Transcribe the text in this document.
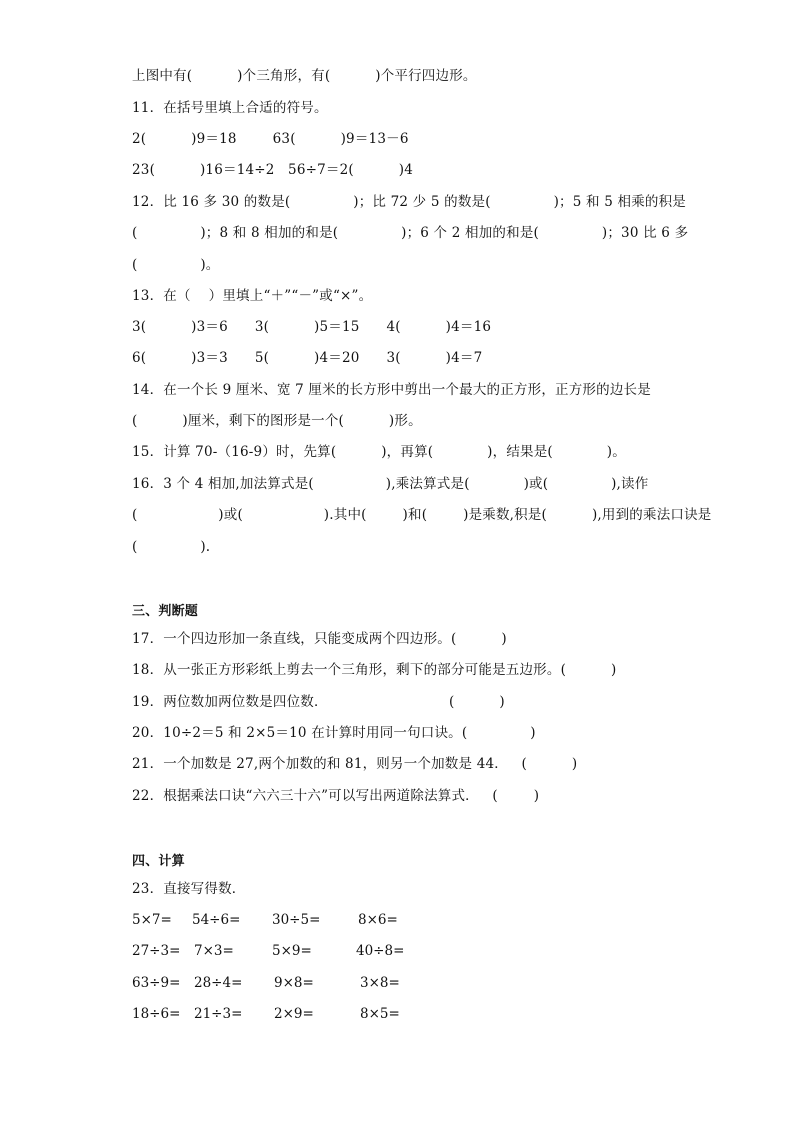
上图中有(          )个三角形，有(          )个平行四边形。
11．在括号里填上合适的符号。
2(          )9＝18        63(          )9＝13－6
23(          )16＝14÷2   56÷7＝2(          )4
12．比 16 多 30 的数是(              )；比 72 少 5 的数是(              )；5 和 5 相乘的积是
(              )；8 和 8 相加的和是(              )；6 个 2 相加的和是(              )；30 比 6 多
(              )。
13．在（    ）里填上“＋”“－”或“×”。
3(          )3＝6      3(          )5＝15      4(          )4＝16
6(          )3＝3      5(          )4＝20      3(          )4＝7
14．在一个长 9 厘米、宽 7 厘米的长方形中剪出一个最大的正方形，正方形的边长是
(          )厘米，剩下的图形是一个(          )形。
15．计算 70-（16-9）时，先算(          )，再算(            )，结果是(            )。
16．3 个 4 相加,加法算式是(                ),乘法算式是(            )或(              ),读作
(                  )或(                  ).其中(        )和(        )是乘数,积是(          ),用到的乘法口诀是
(              ).
三、判断题
17．一个四边形加一条直线，只能变成两个四边形。(          )
18．从一张正方形彩纸上剪去一个三角形，剩下的部分可能是五边形。(          )
19．两位数加两位数是四位数．                           (          )
20．10÷2＝5 和 2×5＝10 在计算时用同一句口诀。(              )
21．一个加数是 27,两个加数的和 81，则另一个加数是 44．   (          )
22．根据乘法口诀“六六三十六”可以写出两道除法算式．   (        )
四、计算
23．直接写得数．
5×7= 54÷6= 30÷5=	8×6=
27÷3= 7×3=	5×9=	40÷8=
63÷9= 28÷4= 9×8=	3×8=
18÷6= 21÷3= 2×9=	8×5=
